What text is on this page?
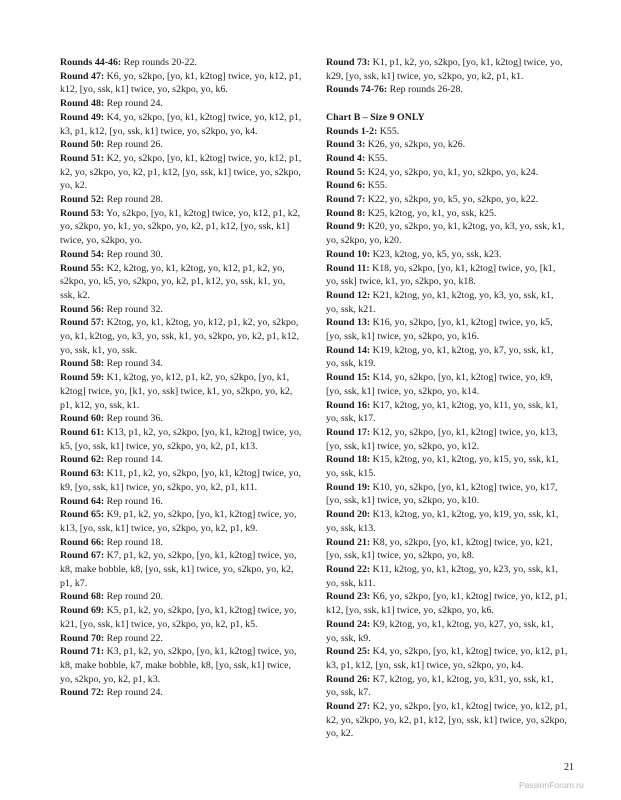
Rounds 44-46: Rep rounds 20-22.

Round 47: K6, yo, s2kpo, [yo, k1, k2tog] twice, yo, k12, p1, k12, [yo, ssk, k1] twice, yo, s2kpo, yo, k6.

Round 48: Rep round 24.

Round 49: K4, yo, s2kpo, [yo, k1, k2tog] twice, yo, k12, p1, k3, p1, k12, [yo, ssk, k1] twice, yo, s2kpo, yo, k4.

Round 50: Rep round 26.

Round 51: K2, yo, s2kpo, [yo, k1, k2tog] twice, yo, k12, p1, k2, yo, s2kpo, yo, k2, p1, k12, [yo, ssk, k1] twice, yo, s2kpo, yo, k2.

Round 52: Rep round 28.

Round 53: Yo, s2kpo, [yo, k1, k2tog] twice, yo, k12, p1, k2, yo, s2kpo, yo, k1, yo, s2kpo, yo, k2, p1, k12, [yo, ssk, k1] twice, yo, s2kpo, yo.

Round 54: Rep round 30.

Round 55: K2, k2tog, yo, k1, k2tog, yo, k12, p1, k2, yo, s2kpo, yo, k5, yo, s2kpo, yo, k2, p1, k12, yo, ssk, k1, yo, ssk, k2.

Round 56: Rep round 32.

Round 57: K2tog, yo, k1, k2tog, yo, k12, p1, k2, yo, s2kpo, yo, k1, k2tog, yo, k3, yo, ssk, k1, yo, s2kpo, yo, k2, p1, k12, yo, ssk, k1, yo, ssk.

Round 58: Rep round 34.

Round 59: K1, k2tog, yo, k12, p1, k2, yo, s2kpo, [yo, k1, k2tog] twice, yo, [k1, yo, ssk] twice, k1, yo, s2kpo, yo, k2, p1, k12, yo, ssk, k1.

Round 60: Rep round 36.

Round 61: K13, p1, k2, yo, s2kpo, [yo, k1, k2tog] twice, yo, k5, [yo, ssk, k1] twice, yo, s2kpo, yo, k2, p1, k13.

Round 62: Rep round 14.

Round 63: K11, p1, k2, yo, s2kpo, [yo, k1, k2tog] twice, yo, k9, [yo, ssk, k1] twice, yo, s2kpo, yo, k2, p1, k11.

Round 64: Rep round 16.

Round 65: K9, p1, k2, yo, s2kpo, [yo, k1, k2tog] twice, yo, k13, [yo, ssk, k1] twice, yo, s2kpo, yo, k2, p1, k9.

Round 66: Rep round 18.

Round 67: K7, p1, k2, yo, s2kpo, [yo, k1, k2tog] twice, yo, k8, make bobble, k8, [yo, ssk, k1] twice, yo, s2kpo, yo, k2, p1, k7.

Round 68: Rep round 20.

Round 69: K5, p1, k2, yo, s2kpo, [yo, k1, k2tog] twice, yo, k21, [yo, ssk, k1] twice, yo, s2kpo, yo, k2, p1, k5.

Round 70: Rep round 22.

Round 71: K3, p1, k2, yo, s2kpo, [yo, k1, k2tog] twice, yo, k8, make bobble, k7, make bobble, k8, [yo, ssk, k1] twice, yo, s2kpo, yo, k2, p1, k3.

Round 72: Rep round 24.

Round 73: K1, p1, k2, yo, s2kpo, [yo, k1, k2tog] twice, yo, k29, [yo, ssk, k1] twice, yo, s2kpo, yo, k2, p1, k1.

Rounds 74-76: Rep rounds 26-28.

Chart B – Size 9 ONLY

Rounds 1-2: K55.

Round 3: K26, yo, s2kpo, yo, k26.

Round 4: K55.

Round 5: K24, yo, s2kpo, yo, k1, yo, s2kpo, yo, k24.

Round 6: K55.

Round 7: K22, yo, s2kpo, yo, k5, yo, s2kpo, yo, k22.

Round 8: K25, k2tog, yo, k1, yo, ssk, k25.

Round 9: K20, yo, s2kpo, yo, k1, k2tog, yo, k3, yo, ssk, k1, yo, s2kpo, yo, k20.

Round 10: K23, k2tog, yo, k5, yo, ssk, k23.

Round 11: K18, yo, s2kpo, [yo, k1, k2tog] twice, yo, [k1, yo, ssk] twice, k1, yo, s2kpo, yo, k18.

Round 12: K21, k2tog, yo, k1, k2tog, yo, k3, yo, ssk, k1, yo, ssk, k21.

Round 13: K16, yo, s2kpo, [yo, k1, k2tog] twice, yo, k5, [yo, ssk, k1] twice, yo, s2kpo, yo, k16.

Round 14: K19, k2tog, yo, k1, k2tog, yo, k7, yo, ssk, k1, yo, ssk, k19.

Round 15: K14, yo, s2kpo, [yo, k1, k2tog] twice, yo, k9, [yo, ssk, k1] twice, yo, s2kpo, yo, k14.

Round 16: K17, k2tog, yo, k1, k2tog, yo, k11, yo, ssk, k1, yo, ssk, k17.

Round 17: K12, yo, s2kpo, [yo, k1, k2tog] twice, yo, k13, [yo, ssk, k1] twice, yo, s2kpo, yo, k12.

Round 18: K15, k2tog, yo, k1, k2tog, yo, k15, yo, ssk, k1, yo, ssk, k15.

Round 19: K10, yo, s2kpo, [yo, k1, k2tog] twice, yo, k17, [yo, ssk, k1] twice, yo, s2kpo, yo, k10.

Round 20: K13, k2tog, yo, k1, k2tog, yo, k19, yo, ssk, k1, yo, ssk, k13.

Round 21: K8, yo, s2kpo, [yo, k1, k2tog] twice, yo, k21, [yo, ssk, k1] twice, yo, s2kpo, yo, k8.

Round 22: K11, k2tog, yo, k1, k2tog, yo, k23, yo, ssk, k1, yo, ssk, k11.

Round 23: K6, yo, s2kpo, [yo, k1, k2tog] twice, yo, k12, p1, k12, [yo, ssk, k1] twice, yo, s2kpo, yo, k6.

Round 24: K9, k2tog, yo, k1, k2tog, yo, k27, yo, ssk, k1, yo, ssk, k9.

Round 25: K4, yo, s2kpo, [yo, k1, k2tog] twice, yo, k12, p1, k3, p1, k12, [yo, ssk, k1] twice, yo, s2kpo, yo, k4.

Round 26: K7, k2tog, yo, k1, k2tog, yo, k31, yo, ssk, k1, yo, ssk, k7.

Round 27: K2, yo, s2kpo, [yo, k1, k2tog] twice, yo, k12, p1, k2, yo, s2kpo, yo, k2, p1, k12, [yo, ssk, k1] twice, yo, s2kpo, yo, k2.

21
PassionForum.ru
